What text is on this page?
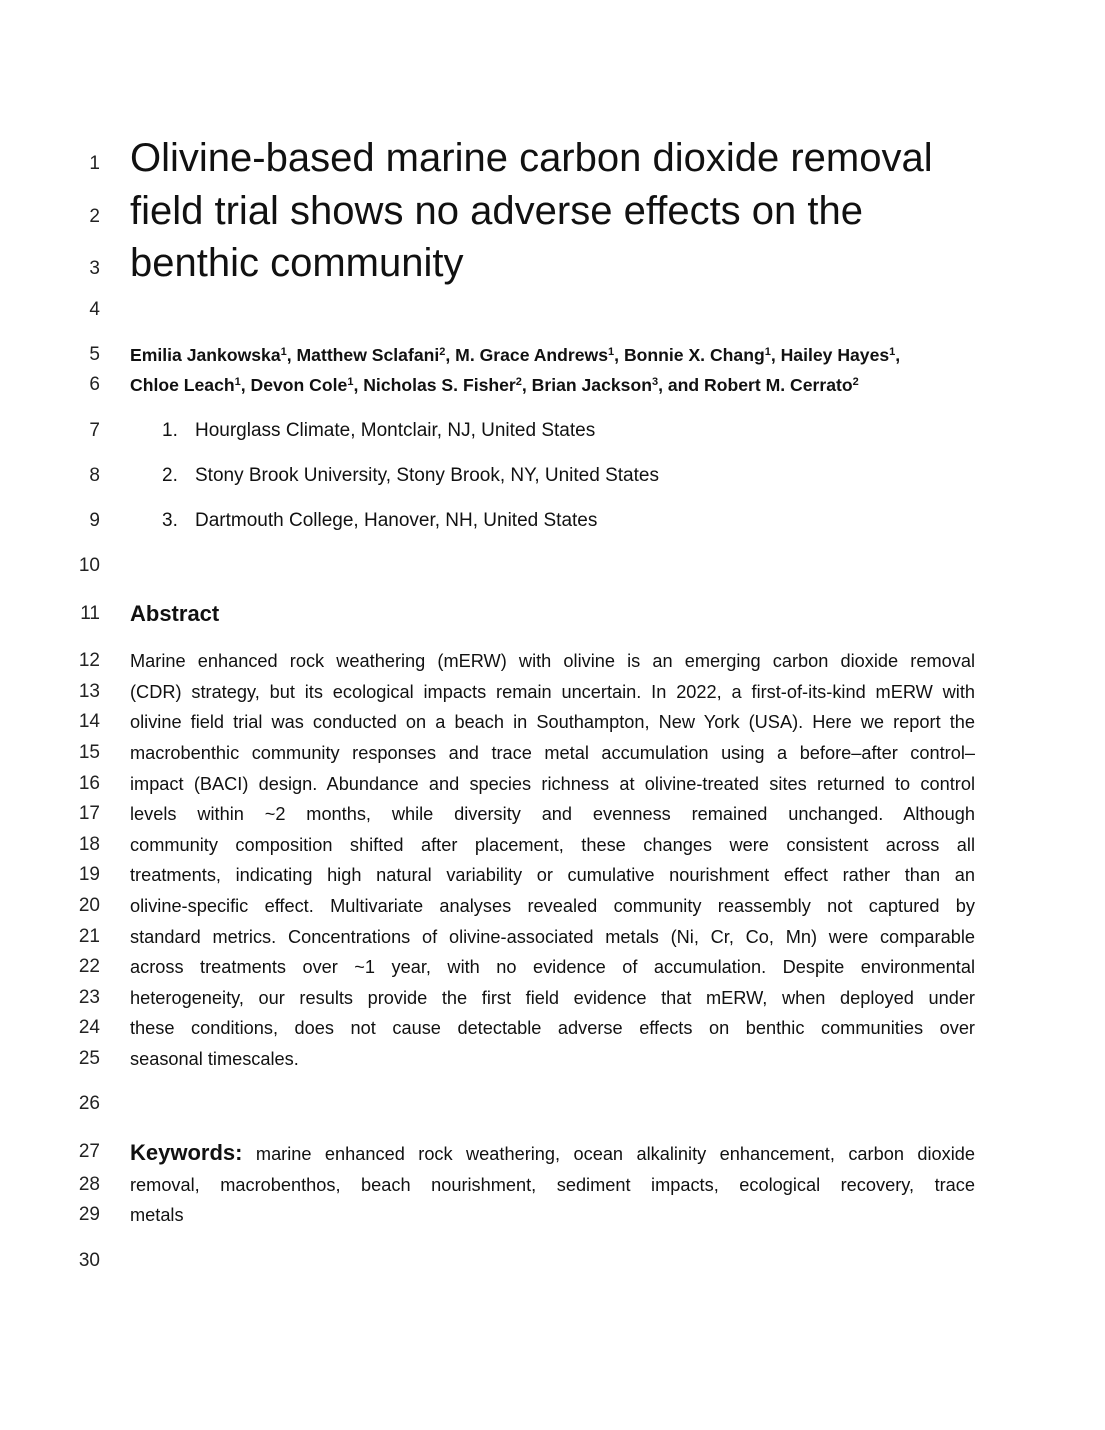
1
2
3
4
5
6
7
8
9
10
11
12
13
14
15
16
17
18
19
20
21
22
23
24
25
26
27
28
29
30
Olivine-based marine carbon dioxide removal
field trial shows no adverse effects on the
benthic community
Emilia Jankowska$^1$, Matthew Sclafani$^2$, M. Grace Andrews$^1$, Bonnie X. Chang$^1$, Hailey Hayes$^1$,
Chloe Leach$^1$, Devon Cole$^1$, Nicholas S. Fisher$^2$, Brian Jackson$^3$, and Robert M. Cerrato$^2$
1. Hourglass Climate, Montclair, NJ, United States
2. Stony Brook University, Stony Brook, NY, United States
3. Dartmouth College, Hanover, NH, United States
Abstract
Marine enhanced rock weathering (mERW) with olivine is an emerging carbon dioxide removal
(CDR) strategy, but its ecological impacts remain uncertain. In 2022, a first-of-its-kind mERW with
olivine field trial was conducted on a beach in Southampton, New York (USA). Here we report the
macrobenthic community responses and trace metal accumulation using a before–after control–
impact (BACI) design. Abundance and species richness at olivine-treated sites returned to control
levels within ~2 months, while diversity and evenness remained unchanged. Although
community composition shifted after placement, these changes were consistent across all
treatments, indicating high natural variability or cumulative nourishment effect rather than an
olivine-specific effect. Multivariate analyses revealed community reassembly not captured by
standard metrics. Concentrations of olivine-associated metals (Ni, Cr, Co, Mn) were comparable
across treatments over ~1 year, with no evidence of accumulation. Despite environmental
heterogeneity, our results provide the first field evidence that mERW, when deployed under
these conditions, does not cause detectable adverse effects on benthic communities over
seasonal timescales.
Keywords: marine enhanced rock weathering, ocean alkalinity enhancement, carbon dioxide
removal, macrobenthos, beach nourishment, sediment impacts, ecological recovery, trace
metals
